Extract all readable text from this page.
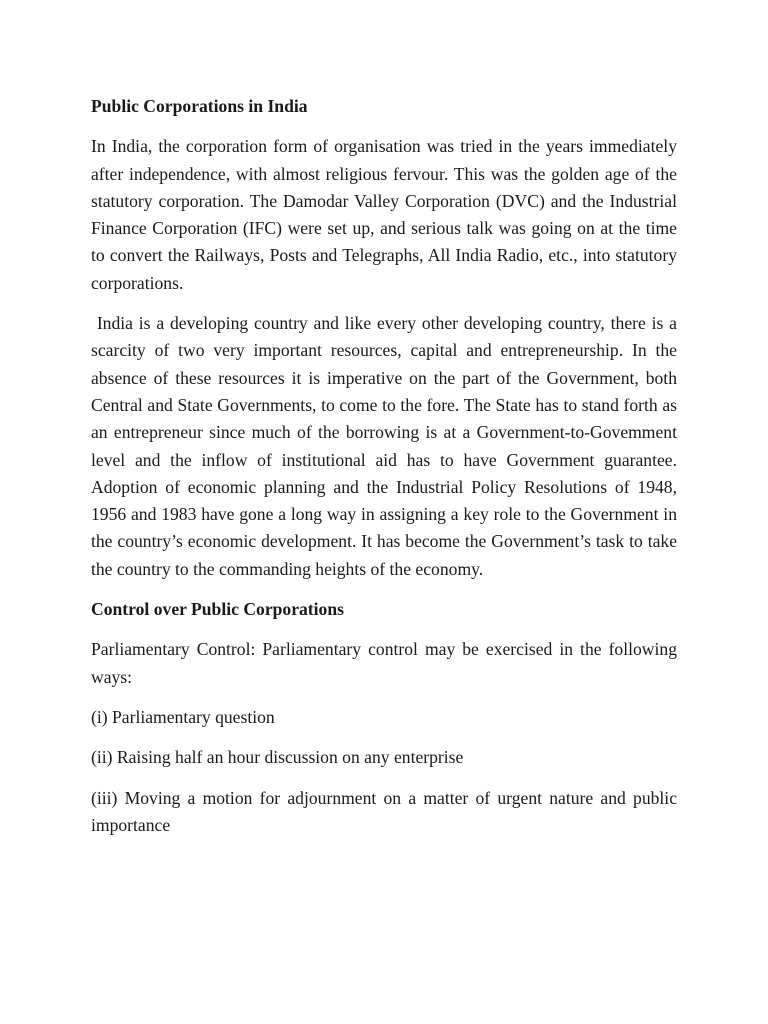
Public Corporations in India
In India, the corporation form of organisation was tried in the years immediately after independence, with almost religious fervour. This was the golden age of the statutory corporation. The Damodar Valley Corporation (DVC) and the Industrial Finance Corporation (IFC) were set up, and serious talk was going on at the time to convert the Railways, Posts and Telegraphs, All India Radio, etc., into statutory corporations.
India is a developing country and like every other developing country, there is a scarcity of two very important resources, capital and entrepreneurship. In the absence of these resources it is imperative on the part of the Government, both Central and State Governments, to come to the fore. The State has to stand forth as an entrepreneur since much of the borrowing is at a Government-to-Govemment level and the inflow of institutional aid has to have Government guarantee. Adoption of economic planning and the Industrial Policy Resolutions of 1948, 1956 and 1983 have gone a long way in assigning a key role to the Government in the country’s economic development. It has become the Government’s task to take the country to the commanding heights of the economy.
Control over Public Corporations
Parliamentary Control: Parliamentary control may be exercised in the following ways:
(i) Parliamentary question
(ii) Raising half an hour discussion on any enterprise
(iii) Moving a motion for adjournment on a matter of urgent nature and public importance
